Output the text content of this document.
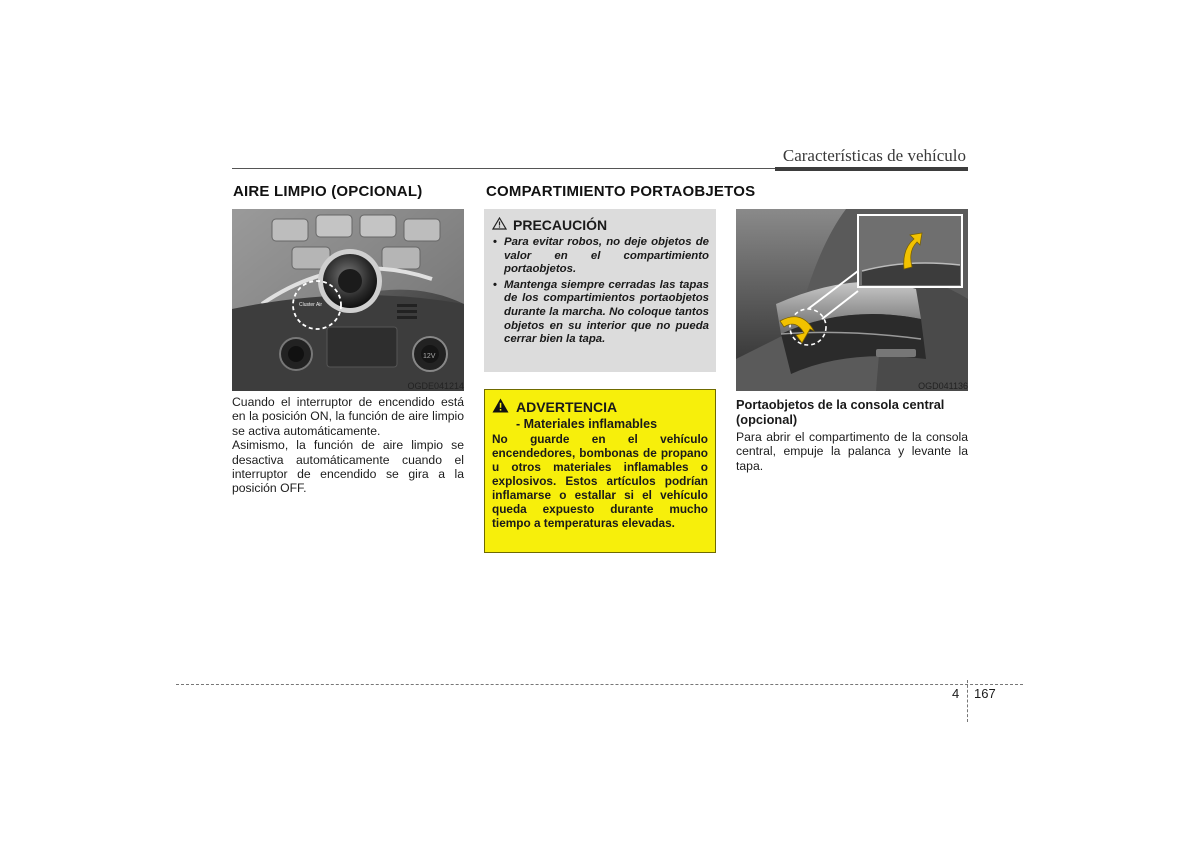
Características de vehículo
AIRE LIMPIO (OPCIONAL)
12V
Cluster Air
OGDE041214

Cuando el interruptor de encendido está en la posición ON, la función de aire limpio se activa automáticamente.

Asimismo, la función de aire limpio se desactiva automáticamente cuando el interruptor de encendido se gira a la posición OFF.

COMPARTIMIENTO PORTAOBJETOS
PRECAUCIÓN
• Para evitar robos, no deje objetos de valor en el compartimiento portaobjetos.
• Mantenga siempre cerradas las tapas de los compartimientos portaobjetos durante la marcha. No coloque tantos objetos en su interior que no pueda cerrar bien la tapa.
ADVERTENCIA
- Materiales inflamables
No guarde en el vehículo encendedores, bombonas de propano u otros materiales inflamables o explosivos. Estos artículos podrían inflamarse o estallar si el vehículo queda expuesto durante mucho tiempo a temperaturas elevadas.
OGD041136
Portaobjetos de la consola central (opcional)
Para abrir el compartimento de la consola central, empuje la palanca y levante la tapa.
4 167
